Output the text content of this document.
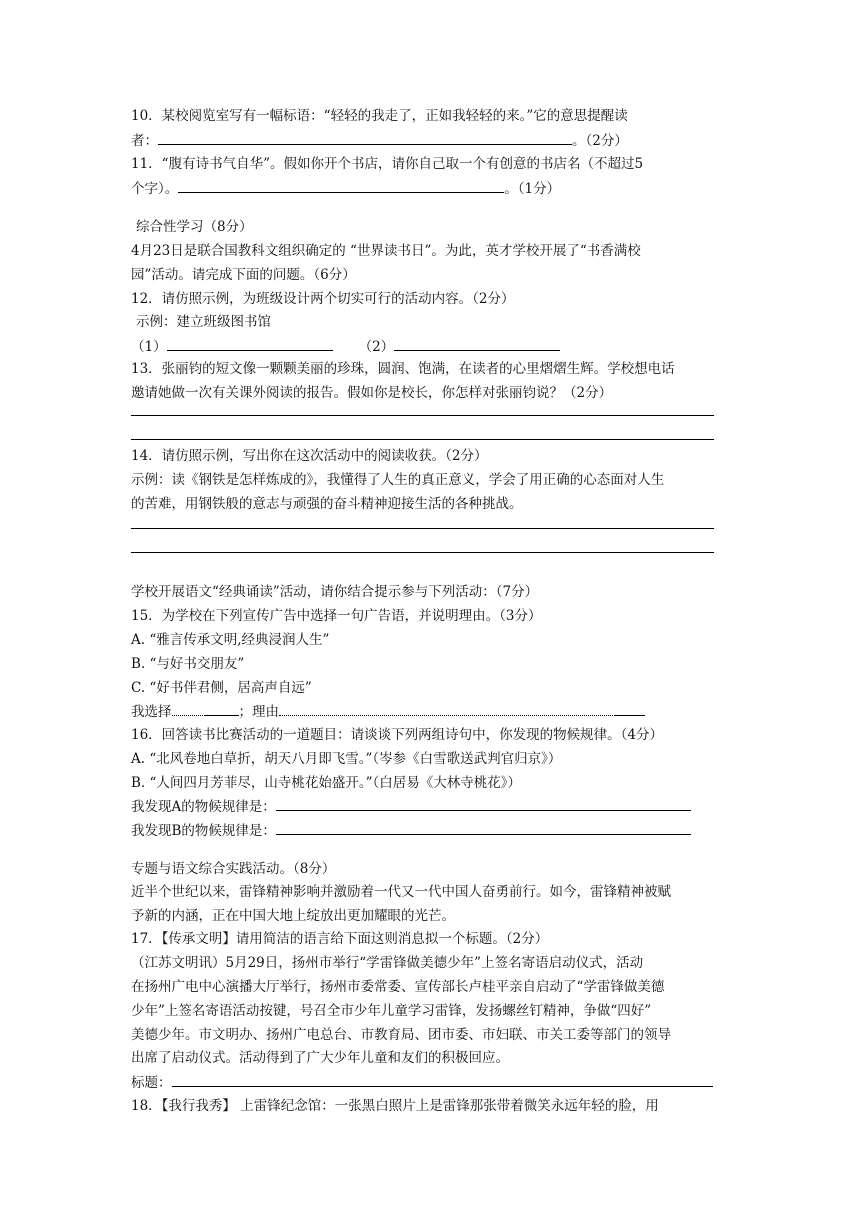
10．某校阅览室写有一幅标语：“轻轻的我走了，正如我轻轻的来。”它的意思提醒读

者：	。（2分）

11．“腹有诗书气自华”。假如你开个书店，请你自己取一个有创意的书店名（不超过5

个字）。	。（1分）

综合性学习（8分）

4月23日是联合国教科文组织确定的 “世界读书日”。为此，英才学校开展了“书香满校

园”活动。请完成下面的问题。（6分）

12．请仿照示例，为班级设计两个切实可行的活动内容。（2分）

示例：建立班级图书馆

（1）	（2）

13．张丽钧的短文像一颗颗美丽的珍珠，圆润、饱满，在读者的心里熠熠生辉。学校想电话

邀请她做一次有关课外阅读的报告。假如你是校长，你怎样对张丽钧说？（2分）

14．请仿照示例，写出你在这次活动中的阅读收获。（2分）

示例：读《钢铁是怎样炼成的》，我懂得了人生的真正意义，学会了用正确的心态面对人生

的苦难，用钢铁般的意志与顽强的奋斗精神迎接生活的各种挑战。

学校开展语文“经典诵读”活动，请你结合提示参与下列活动：（7分）

15．为学校在下列宣传广告中选择一句广告语，并说明理由。（3分）

A. “雅言传承文明,经典浸润人生”

B. “与好书交朋友”

C. “好书伴君侧，居高声自远”

我选择	；理由

16．回答读书比赛活动的一道题目：请谈谈下列两组诗句中，你发现的物候规律。（4分）

A. “北风卷地白草折，胡天八月即飞雪。”（岑参《白雪歌送武判官归京》）

B. “人间四月芳菲尽，山寺桃花始盛开。”（白居易《大林寺桃花》）

我发现A的物候规律是：

我发现B的物候规律是：

专题与语文综合实践活动。（8分）

近半个世纪以来，雷锋精神影响并激励着一代又一代中国人奋勇前行。如今，雷锋精神被赋

予新的内涵，正在中国大地上绽放出更加耀眼的光芒。

17．【传承文明】请用简洁的语言给下面这则消息拟一个标题。（2分）

（江苏文明讯）5月29日，扬州市举行“学雷锋做美德少年”上签名寄语启动仪式，活动

在扬州广电中心演播大厅举行，扬州市委常委、宣传部长卢桂平亲自启动了“学雷锋做美德

少年”上签名寄语活动按键，号召全市少年儿童学习雷锋，发扬螺丝钉精神，争做“四好”

美德少年。市文明办、扬州广电总台、市教育局、团市委、市妇联、市关工委等部门的领导

出席了启动仪式。活动得到了广大少年儿童和友们的积极回应。

标题：

18．【我行我秀】 上雷锋纪念馆：一张黑白照片上是雷锋那张带着微笑永远年轻的脸，用
